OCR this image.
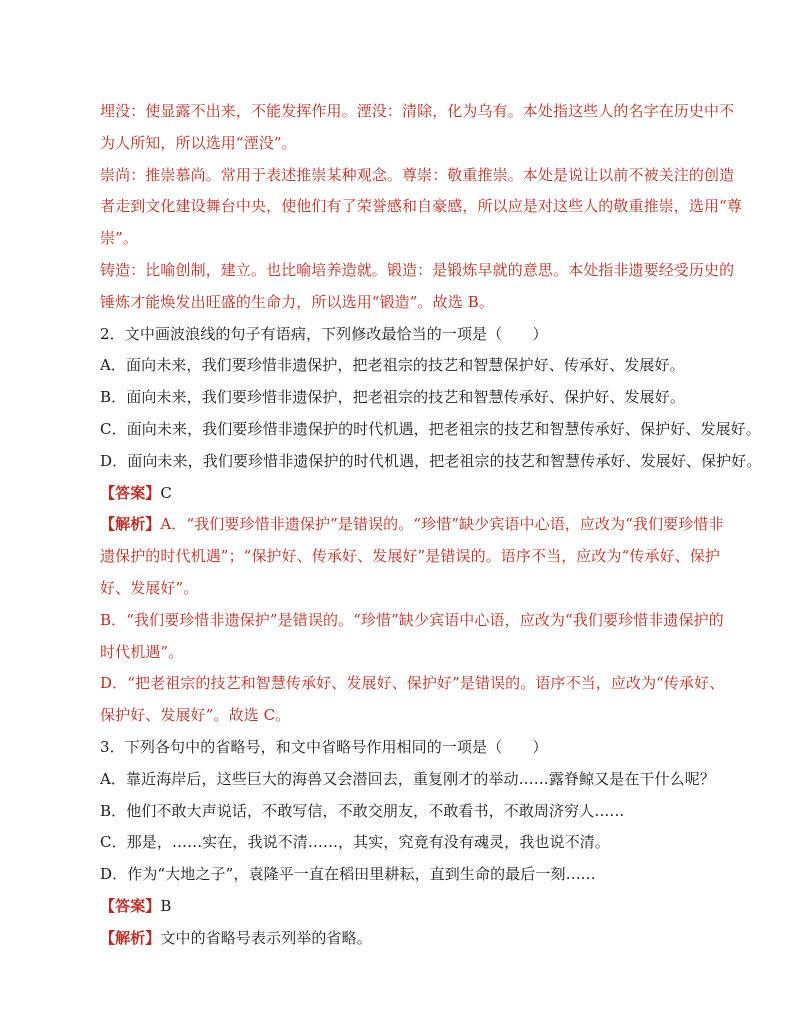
埋没：使显露不出来，不能发挥作用。湮没：清除，化为乌有。本处指这些人的名字在历史中不

为人所知，所以选用“湮没”。

崇尚：推崇慕尚。常用于表述推崇某种观念。尊崇：敬重推崇。本处是说让以前不被关注的创造

者走到文化建设舞台中央，使他们有了荣誉感和自豪感，所以应是对这些人的敬重推崇，选用“尊

崇”。

铸造：比喻创制，建立。也比喻培养造就。锻造：是锻炼早就的意思。本处指非遗要经受历史的

锤炼才能焕发出旺盛的生命力，所以选用“锻造”。故选 B。

2．文中画波浪线的句子有语病，下列修改最恰当的一项是（　　）

A．面向未来，我们要珍惜非遗保护，把老祖宗的技艺和智慧保护好、传承好、发展好。

B．面向未来，我们要珍惜非遗保护，把老祖宗的技艺和智慧传承好、保护好、发展好。

C．面向未来，我们要珍惜非遗保护的时代机遇，把老祖宗的技艺和智慧传承好、保护好、发展好。

D．面向未来，我们要珍惜非遗保护的时代机遇，把老祖宗的技艺和智慧传承好、发展好、保护好。

【答案】C

【解析】A．“我们要珍惜非遗保护”是错误的。“珍惜”缺少宾语中心语，应改为“我们要珍惜非

遗保护的时代机遇”；“保护好、传承好、发展好”是错误的。语序不当，应改为“传承好、保护

好、发展好”。

B．“我们要珍惜非遗保护”是错误的。“珍惜”缺少宾语中心语，应改为“我们要珍惜非遗保护的

时代机遇”。

D．“把老祖宗的技艺和智慧传承好、发展好、保护好”是错误的。语序不当，应改为“传承好、

保护好、发展好”。故选 C。

3．下列各句中的省略号，和文中省略号作用相同的一项是（　　）

A．靠近海岸后，这些巨大的海兽又会潜回去，重复刚才的举动……露脊鲸又是在干什么呢？

B．他们不敢大声说话，不敢写信，不敢交朋友，不敢看书，不敢周济穷人……

C．那是，……实在，我说不清……，其实，究竟有没有魂灵，我也说不清。

D．作为“大地之子”，袁隆平一直在稻田里耕耘，直到生命的最后一刻……

【答案】B

【解析】文中的省略号表示列举的省略。
